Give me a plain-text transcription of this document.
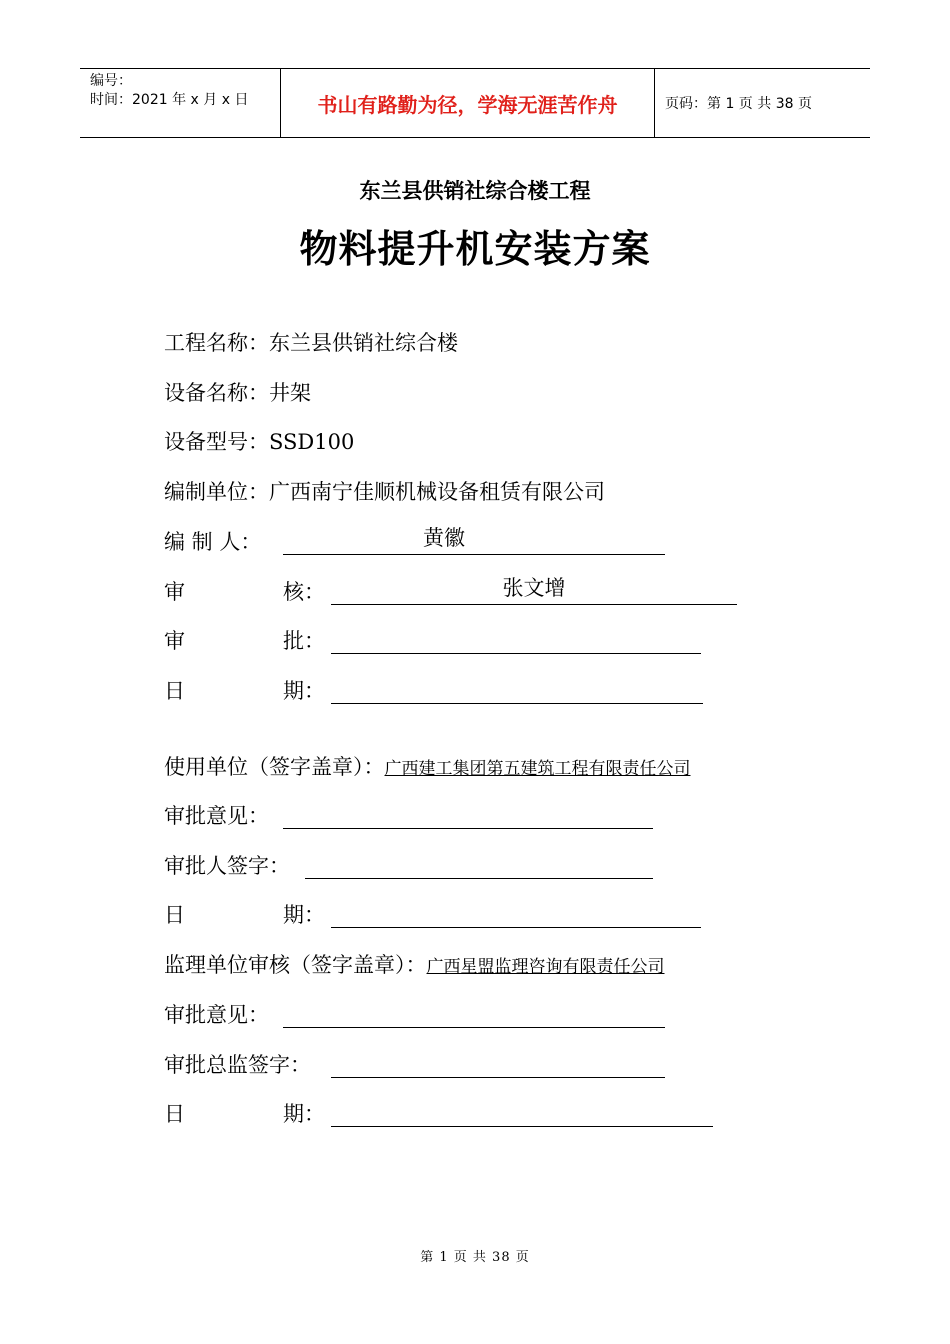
编号：
时间：2021 年 x 月 x 日	书山有路勤为径，学海无涯苦作舟	页码：第 1 页 共 38 页
东兰县供销社综合楼工程
物料提升机安装方案
工程名称：东兰县供销社综合楼
设备名称：井架
设备型号：SSD100
编制单位：广西南宁佳顺机械设备租赁有限公司
编 制 人：	黄徽
审	核：	张文增
审	批：
日	期：
使用单位（签字盖章）：广西建工集团第五建筑工程有限责任公司
审批意见：
审批人签字：
日	期：
监理单位审核（签字盖章）：广西星盟监理咨询有限责任公司
审批意见：
审批总监签字：
日	期：
第 1 页 共 38 页
